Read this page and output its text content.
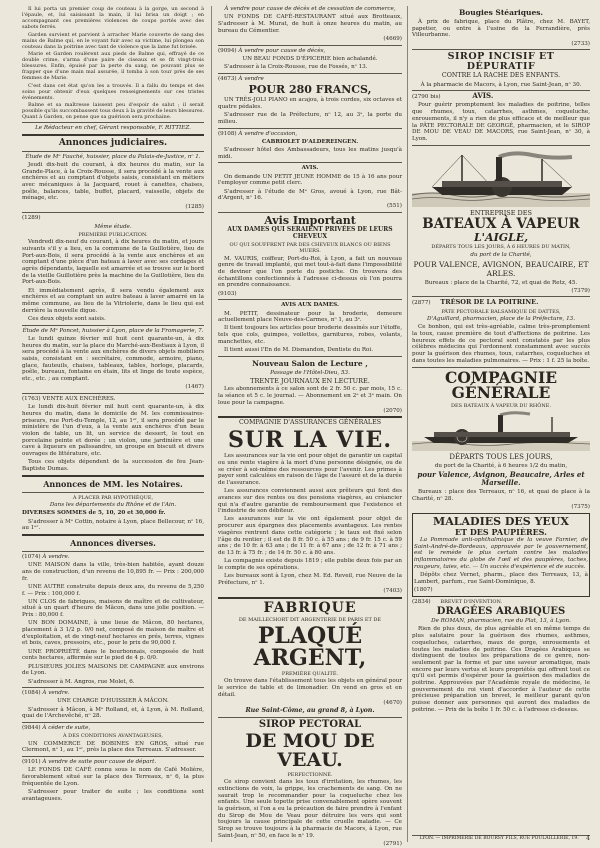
Il lui porta un premier coup de couteau à la gorge, un second à l'épaule, et, lui saisissant la main, il lui brisa un doigt ; en accompagnant ces premières violences de coups portés avec des sabots ferrés.

Garden survient et parvient à arracher Marie couverte de sang des mains de Balme qui, en le voyant fuir avec sa victime, lui plongea son couteau dans la poitrine avec tant de violence que la lame fut brisée.

Marie et Garden roulèrent aux pieds de Balme qui, effrayé de ce double crime, s'arma d'une paire de ciseaux et se fit vingt-trois blessures. Enfin, épuisé par la perte du sang, ne pouvant plus se frapper que d'une main mal assurée, il tomba à son tour près de ses femmes de Marie.

C'est dans cet état qu'on les a trouvés. Il a fallu du temps et des soins pour obtenir d'eux quelques renseignements sur ces tristes événements.

Balme et sa maîtresse laissent peu d'espoir de salut ; il serait possible qu'ils succombassent tous deux à la gravité de leurs blessures. Quant à Garden, on pense que sa guérison sera prochaine.

Le Rédacteur en chef, Gérant responsable, F. RITTIEZ.

Annonces judiciaires.

Étude de Mᵉ Fauché, huissier, place du Palais-de-Justice, nᵒ 1.

Jeudi dix-huit du courant, à dix heures du matin, sur la Grande-Place, à la Croix-Rousse, il sera procédé à la vente aux enchères et au comptant d'objets saisis, consistant en métiers avec mécaniques à la Jacquard, rouet à canettes, chaises, poêle, balances, table, buffet, placard, vaisselle, objets de ménage, etc.

(1285)

(1289)

Même étude.

PREMIÈRE PUBLICATION.

Vendredi dix-neuf du courant, à dix heures du matin, et jours suivants s'il y a lieu, en la commune de la Guillotière, lieu de Port-aux-Bois, il sera procédé à la vente aux enchères et au comptant d'une pièce d'un bateau à laver avec ses cordages et agrès dépendants, laquelle est amarrée et se trouve sur le bord de la vieille Guillotière près la machine de la Guillotière, lieu du Port-aux-Bois.

Et immédiatement après, il sera vendu également aux enchères et au comptant un autre bateau à laver amarré en la même commune, au lieu de la Vitriolerie, dans le lieu qui est derrière la nouvelle digue.

Ces deux objets sont saisis.

Étude de Mᵉ Poncet, huissier à Lyon, place de la Fromagerie, 7.

Le lundi quinze février mil huit cent quarante-un, à dix heures du matin, sur la place du Marché-aux-Bestiaux à Lyon, il sera procédé à la vente aux enchères de divers objets mobiliers saisis, consistant en : secrétaire, commode, armoire, piano, glace, fauteuils, chaises, tableaux, tables, horloge, placards, poêle, bureaux, fontaine en étain, lits et linge de toute espèce, etc., etc. ; au comptant.

(1467)

(1763) VENTE AUX ENCHÈRES.

Le lundi dix-huit février mil huit cent quarante-un, à dix heures du matin, dans le domicile de M. les commissaires-priseurs, rue Port-du-Temple, 12, au 1ᵉʳ, il sera procédé par le ministère de l'un d'eux, à la vente aux enchères d'un beau violon de table, un lit, un service de dessert, le tout en porcelaine peinte et dorée ; un violon, une jardinière et une cave à liqueurs en palissandre, un groupe en biscuit et divers ouvrages de littérature, etc.

Tous ces objets dépendent de la succession de feu Jean-Baptiste Dumas.

Annonces de MM. les Notaires.

À PLACER PAR HYPOTHÈQUE,

Dans les départements du Rhône et de l'Ain.

DIVERSES SOMMES de 5, 10, 20 et 30,000 fr.

S'adresser à Mᵉ Cottin, notaire à Lyon, place Bellecour, nᵒ 16, au 1ᵉʳ.

Annonces diverses.

(1074) À vendre.

UNE MAISON dans la ville, très-bien habitée, ayant douze ans de construction, d'un revenu de 10,895 fr. — Prix : 200,000 fr.

UNE AUTRE construite depuis deux ans, du revenu de 5,250 f. — Prix : 100,000 f.

UN CLOS de fabriques, maisons de maître et de cultivateur, situé à un quart d'heure de Mâcon, dans une jolie position. — Prix : 80,000 f.

UN BON DOMAINE, à une lieue de Mâcon, 80 hectares, placement à 3 1/2 p. 0/0 net, composé de maison de maître et d'exploitation, et de vingt-neuf hectares en prés, terres, vignes et bois, caves, pressoirs, etc., pour le prix de 90,000 f.

UNE PROPRIÉTÉ dans le bourbonnais, composée de huit cents hectares, affermée sur le pied de 4 p. 0/0.

PLUSIEURS JOLIES MAISONS DE CAMPAGNE aux environs de Lyon.

S'adresser à M. Angros, rue Molet, 6.

(1084) À vendre.

UNE CHARGE D'HUISSIER À MÂCON.

S'adresser à Mâcon, à Mᵉ Rolland, et, à Lyon, à M. Rolland, quai de l'Archevêché, nᵒ 28.

(9844) À céder de suite,

À DES CONDITIONS AVANTAGEUSES,

UN COMMERCE DE BOBINES EN GROS, situé rue Clermont, nᵒ 1, au 1ᵉʳ, près la place des Terreaux. S'adresser.

(9101) À vendre de suite pour cause de départ.

LE FONDS DE CAFÉ connu sous le nom de Café Molière, favorablement situé sur la place des Terreaux, nᵒ 6, la plus fréquentée de Lyon.

S'adresser pour traiter de suite ; les conditions sont avantageuses.

À vendre pour cause de décès et de cessation de commerce,

UN FONDS DE CAFÉ-RESTAURANT situé aux Brotteaux, S'adresser à M. Murat, de huit à onze heures du matin, au bureau du Cémentier.

(4669)

(9094) À vendre pour cause de décès,

UN BEAU FONDS D'ÉPICERIE bien achalandé.

S'adresser à la Croix-Rousse, rue de Fossés, nᵒ 13.

(4673) À vendre

POUR 280 FRANCS,

UN TRÈS-JOLI PIANO en acajou, à trois cordes, six octaves et quatre pédales.

S'adresser rue de la Préfecture, nᵒ 12, au 3ᵉ, la porte du milieu.

(9108) À vendre d'occasion,

CABRIOLET D'ALDEREINGEN.

S'adresser hôtel des Ambassadeurs, tous les matins jusqu'à midi.

AVIS.

On demande UN PETIT JEUNE HOMME de 15 à 16 ans pour l'employer comme petit clerc.

S'adresser à l'étude de Mᵉ Gros, avoué à Lyon, rue Bât-d'Argent, nᵒ 16.

(551)

Avis Important

AUX DAMES QUI SERAIENT PRIVÉES DE LEURS CHEVEUX

OU QUI SOUFFRENT PAR DES CHEVEUX BLANCS OU BIENS MUERS.

M. VAURIS, coiffeur, Port-du-Roi, à Lyon, a fait un nouveau genre de travail implanté, qui met tout-à-fait dans l'impossibilité de deviner que l'on porte du postiche. On trouvera des échantillons confectionnés à l'adresse ci-dessus où l'on pourra en prendre connaissance.

(9103)

AVIS AUX DAMES.

M. PETIT, dessinateur pour la broderie, demeure actuellement place Neuve-des-Carmes, nᵒ 1, au 3ᵉ.

Il tient toujours les articles pour broderie dessinés sur l'étoffe, tels que cols, guimpes, voilettes, garnitures, robes, volants, manchettes, etc.

Il tient aussi l'En de M. Dismandon, Dentiste du Roi.

Nouveau Salon de Lecture ,

Passage de l'Hôtel-Dieu, 53.

TRENTE JOURNAUX EN LECTURE.

Les abonnements à ce salon sont de 2 fr. 50 c. par mois, 15 c. la séance et 5 c. le journal. — Abonnement en 2ᵉ et 3ᵉ main. On loue pour la campagne.

(2070)

COMPAGNIE D'ASSURANCES GÉNÉRALES

SUR LA VIE.

Les assurances sur la vie ont pour objet de garantir un capital ou une rente viagère à la mort d'une personne désignée, ou de se créer à soi-même des ressources pour l'avenir. Les primes à payer sont calculées en raison de l'âge de l'assuré et de la durée de l'assurance.

Les assurances conviennent aussi aux prêteurs qui font des avances sur des rentes ou des pensions viagères, au créancier qui n'a d'autre garantie de remboursement que l'existence et l'industrie de son débiteur.

Les assurances sur la vie ont également pour objet de procurer aux épargnes des placements avantageux. Les rentes viagères rentrent dans cette catégorie ; le taux est fixé selon l'âge du rentier ; il est de 8 fr. 50 c. à 55 ans ; de 9 fr. 15 c. à 59 ans ; de 10 fr. à 63 ans ; de 11 fr. à 67 ans ; de 12 fr. à 71 ans ; de 13 fr. à 75 fr. ; de 14 fr. 50 c. à 80 ans.

La compagnie existe depuis 1819 ; elle publie deux fois par an le compte de ses opérations.

Les bureaux sont à Lyon, chez M. Ed. Reveil, rue Neuve de la Préfecture, nᵒ 1.

(7403)

FABRIQUE

DE MAILLECHORT DIT ARGENTERIE DE PARIS ET DE

PLAQUÉ ARGENT,

PREMIÈRE QUALITÉ.

On trouve dans l'établissement tous les objets en général pour le service de table et de limonadier. On vend en gros et en détail.

(4670)

Rue Saint-Côme, au grand 8, à Lyon.

SIROP PECTORAL
DE MOU DE VEAU.

PERFECTIONNÉ.

Ce sirop convient dans les toux d'irritation, les rhumes, les extinctions de voix, la grippe, les crachements de sang. On ne saurait trop le recommander pour la coqueluche chez les enfants. Une seule topette prise convenablement opère souvent la guérison, si l'on a eu la précaution de faire prendre à l'enfant du Sirop de Mou de Veau pour détruire les vers qui sont toujours la cause principale de cette cruelle maladie. — Ce Sirop se trouve toujours à la pharmacie de Macors, à Lyon, rue Saint-Jean, nᵒ 50, en face le nᵒ 19.

(2791)

Bougies Stéariques.

À prix de fabrique, place du Plâtre, chez M. BAYET, papetier, ou entre à l'usine de la Ferrandière, près Villeurbanne.

(2733)

SIROP INCISIF ET DÉPURATIF

CONTRE LA RACHE DES ENFANTS.

À la pharmacie de Macors, à Lyon, rue Saint-Jean, nᵒ 30.

(2790 bis)	AVIS.

Pour guérir promptement les maladies de poitrine, telles que rhumes, toux, catarrhes, asthmes, coqueluche, enrouements, il n'y a rien de plus efficace et de meilleur que la PÂTE PECTORALE DE GEORGÉ, pharmacien, et le SIROP DE MOU DE VEAU DE MACORS, rue Saint-Jean, nᵒ 30, à Lyon.

ENTREPRISE DES

BATEAUX À VAPEUR
L'AIGLE,

DÉPARTS TOUS LES JOURS, À 6 HEURES DU MATIN,

du port de la Charité,

POUR VALENCE, AVIGNON, BEAUCAIRE, ET ARLES.

Bureaux : place de la Charité, 72, et quai de Retz, 45.

(7379)

(2877) TRÉSOR DE LA POITRINE.

PÂTE PECTORALE BALSAMIQUE DE DATTES,

D'Aguillard, pharmacien, place de la Préfecture, 13.

Ce bonbon, qui est très-agréable, calme très-promptement la toux, cause première de tout d'affections de poitrine. Les heureux effets de ce pectoral sont constatés par les plus célèbres médecins qui l'ordonnent constamment avec succès pour la guérison des rhumes, toux, catarrhes, coqueluches et dans toutes les maladies pulmonaires. — Prix : 1 f. 25 la boîte.

COMPAGNIE GÉNÉRALE

DES BATEAUX À VAPEUR DU RHÔNE.

DÉPARTS TOUS LES JOURS,

du port de la Charité, à 6 heures 1/2 du matin,

pour Valence, Avignon, Beaucaire, Arles et Marseille.

Bureaux : place des Terreaux, nᵒ 16, et quai de place à la Charité, nᵒ 28.

(7375)

MALADIES DES YEUX
ET DES PAUPIÈRES.

La Pommade anti-ophthalmique de la veuve Farnier, de Saint-André-de-Bordeaux, approuvée par le gouvernement, est le remède le plus certain contre les maladies inflammatoires du globe de l'œil et des paupières, taches, rougeurs, taies, etc. — Un succès d'expérience et de succès.

Dépôts chez Vernet, pharm., place des Terreaux, 13, à Lambert, parfum., rue Saint-Dominique, 8.

(1807)

(2834) BREVET D'INVENTION.

DRAGÉES ARABIQUES

De ROMAN, pharmacien, rue du Plat, 13, à Lyon.

Rien de plus doux, de plus agréable et en même temps de plus salutaire pour la guérison des rhumes, asthmes, coqueluches, catarrhes, maux de gorge, enrouements et toutes les maladies de poitrine. Ces Dragées Arabiques se distinguent de toutes les préparations de ce genre, non-seulement par la forme et par une saveur aromatique, mais encore par leurs vertus et leurs propriétés qui offrent tout ce qu'il est permis d'espérer pour la guérison des maladies de poitrine. Approuvées par l'Académie royale de médecine, le gouvernement du roi vient d'accorder à l'auteur de cette précieuse préparation un brevet, le meilleur garant qu'on puisse donner aux personnes qui auront des maladies de poitrine. — Prix de la boîte 1 fr. 50 c. à l'adresse ci-dessus.

LYON. — IMPRIMERIE DE BOURSY FILS, RUE POULAILLERIE, 19. 4
